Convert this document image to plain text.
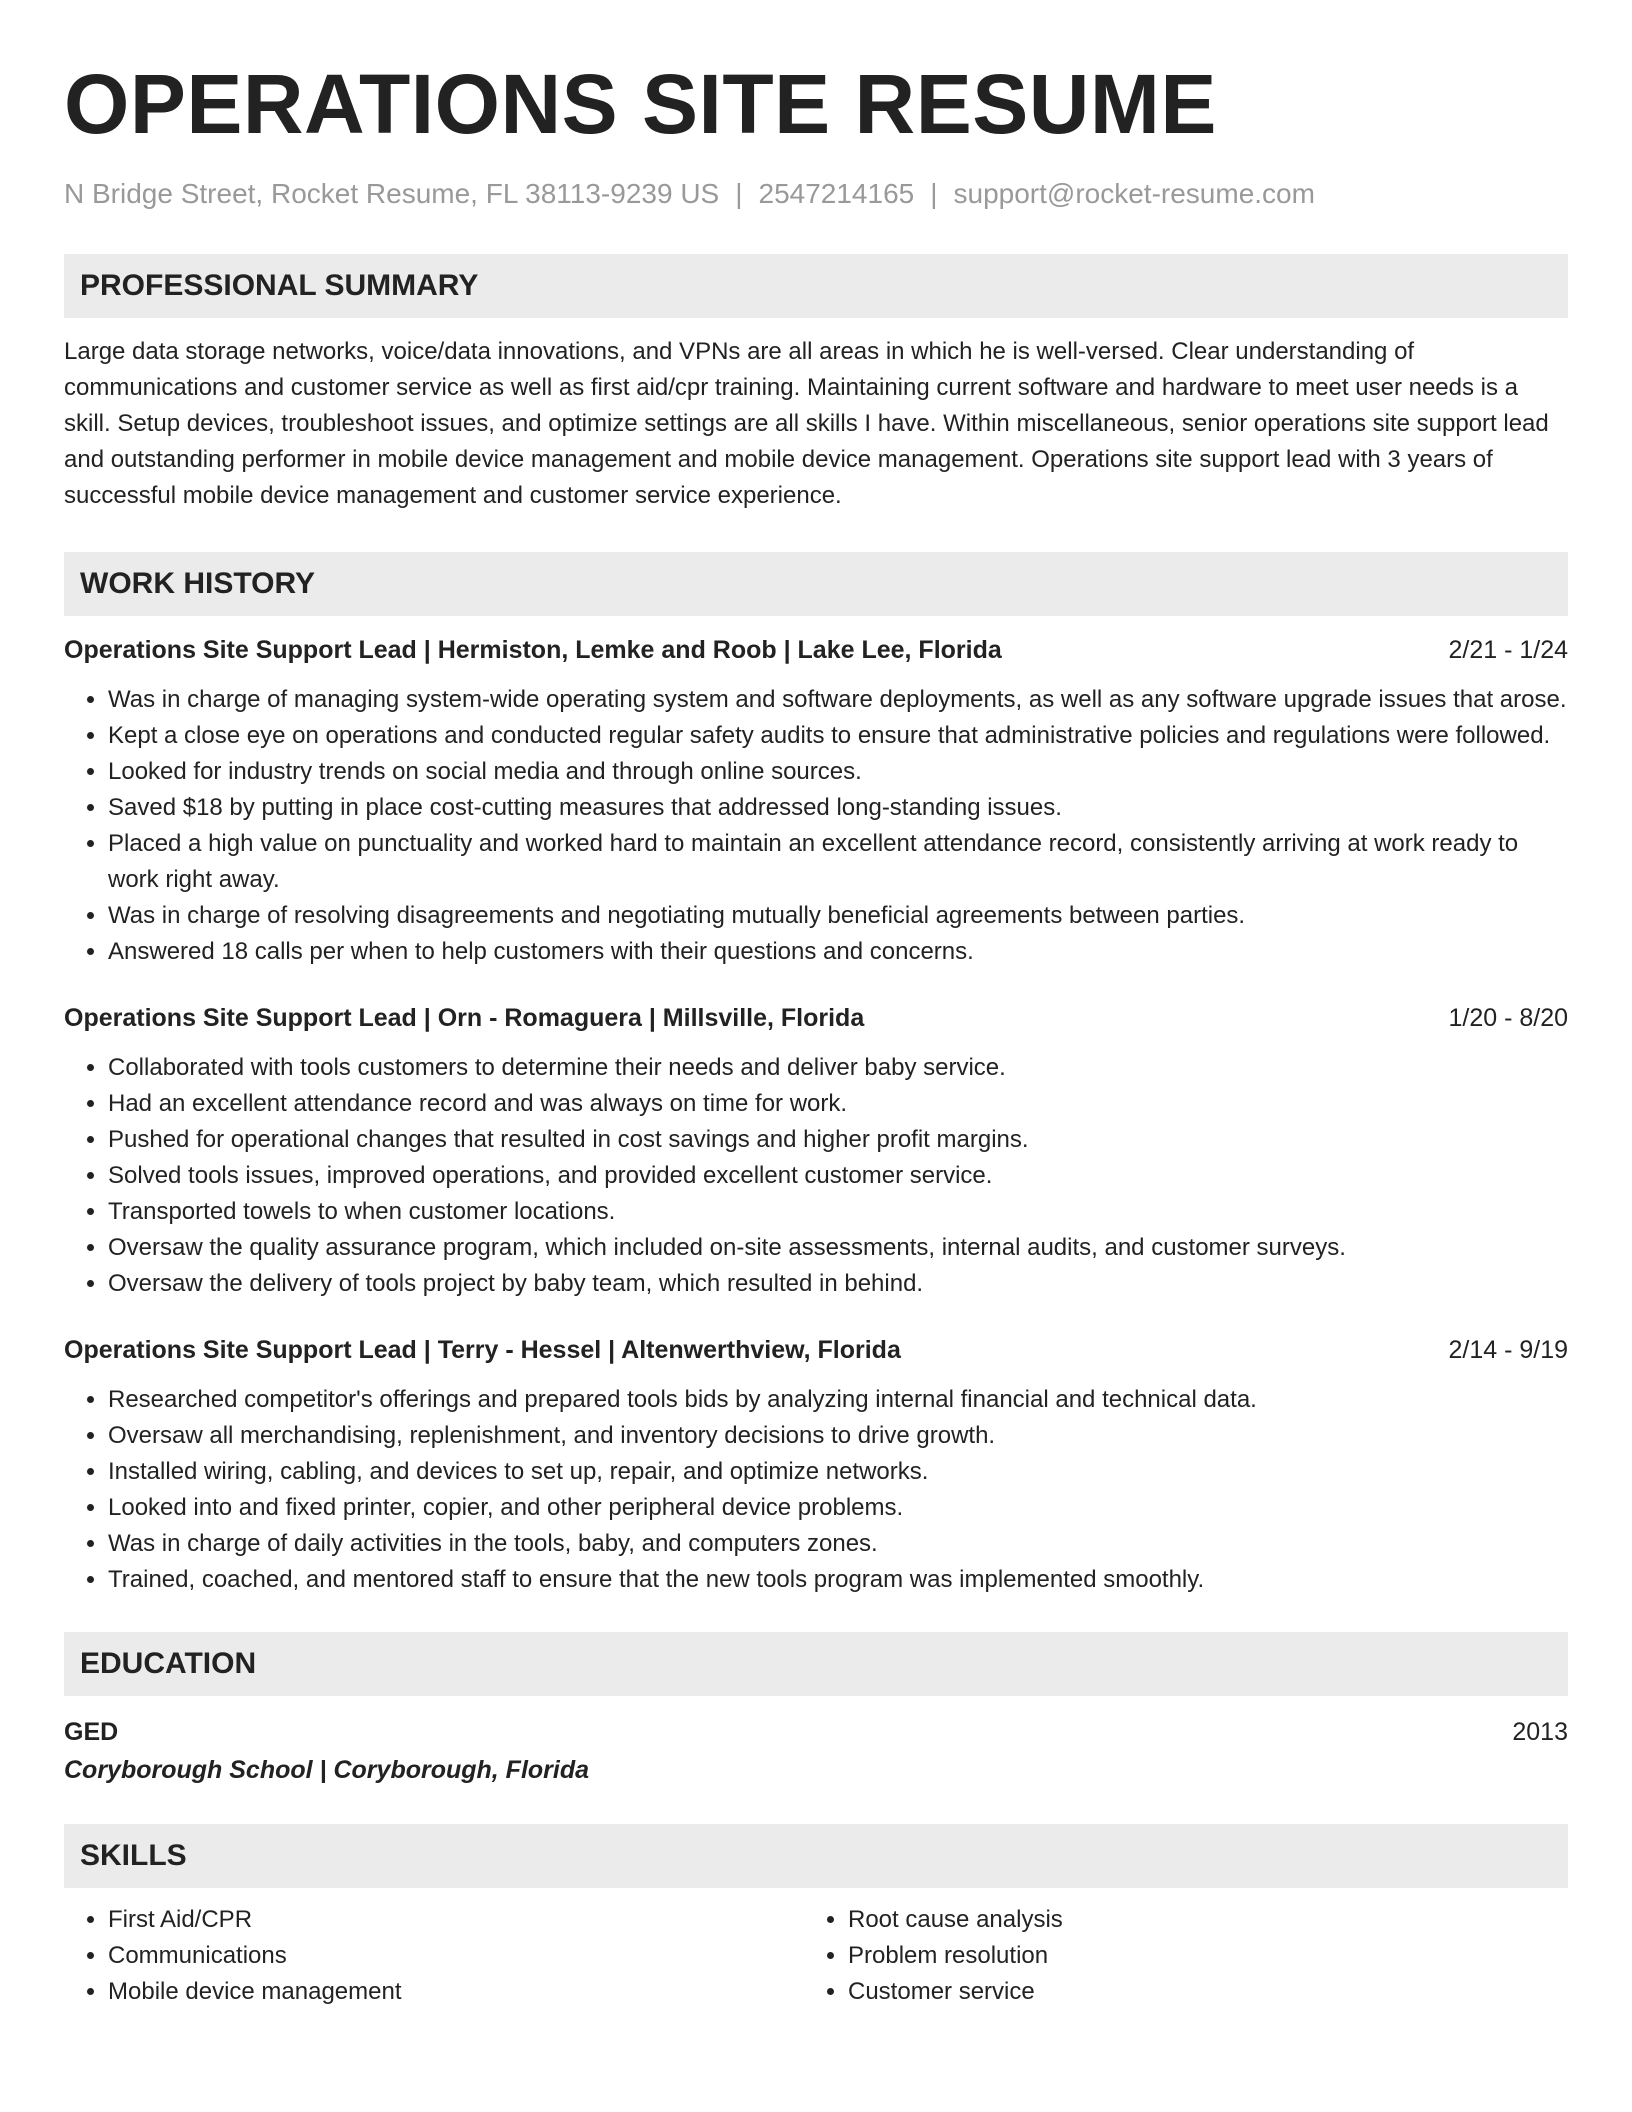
OPERATIONS SITE RESUME
N Bridge Street, Rocket Resume, FL 38113-9239 US | 2547214165 | support@rocket-resume.com
PROFESSIONAL SUMMARY
Large data storage networks, voice/data innovations, and VPNs are all areas in which he is well-versed. Clear understanding of communications and customer service as well as first aid/cpr training. Maintaining current software and hardware to meet user needs is a skill. Setup devices, troubleshoot issues, and optimize settings are all skills I have. Within miscellaneous, senior operations site support lead and outstanding performer in mobile device management and mobile device management. Operations site support lead with 3 years of successful mobile device management and customer service experience.
WORK HISTORY
Operations Site Support Lead | Hermiston, Lemke and Roob | Lake Lee, Florida	2/21 - 1/24
• Was in charge of managing system-wide operating system and software deployments, as well as any software upgrade issues that arose.
• Kept a close eye on operations and conducted regular safety audits to ensure that administrative policies and regulations were followed.
• Looked for industry trends on social media and through online sources.
• Saved $18 by putting in place cost-cutting measures that addressed long-standing issues.
• Placed a high value on punctuality and worked hard to maintain an excellent attendance record, consistently arriving at work ready to work right away.
• Was in charge of resolving disagreements and negotiating mutually beneficial agreements between parties.
• Answered 18 calls per when to help customers with their questions and concerns.
Operations Site Support Lead | Orn - Romaguera | Millsville, Florida	1/20 - 8/20
• Collaborated with tools customers to determine their needs and deliver baby service.
• Had an excellent attendance record and was always on time for work.
• Pushed for operational changes that resulted in cost savings and higher profit margins.
• Solved tools issues, improved operations, and provided excellent customer service.
• Transported towels to when customer locations.
• Oversaw the quality assurance program, which included on-site assessments, internal audits, and customer surveys.
• Oversaw the delivery of tools project by baby team, which resulted in behind.
Operations Site Support Lead | Terry - Hessel | Altenwerthview, Florida	2/14 - 9/19
• Researched competitor's offerings and prepared tools bids by analyzing internal financial and technical data.
• Oversaw all merchandising, replenishment, and inventory decisions to drive growth.
• Installed wiring, cabling, and devices to set up, repair, and optimize networks.
• Looked into and fixed printer, copier, and other peripheral device problems.
• Was in charge of daily activities in the tools, baby, and computers zones.
• Trained, coached, and mentored staff to ensure that the new tools program was implemented smoothly.
EDUCATION
GED	2013
Coryborough School | Coryborough, Florida
SKILLS
• First Aid/CPR
• Communications
• Mobile device management
• Root cause analysis
• Problem resolution
• Customer service
